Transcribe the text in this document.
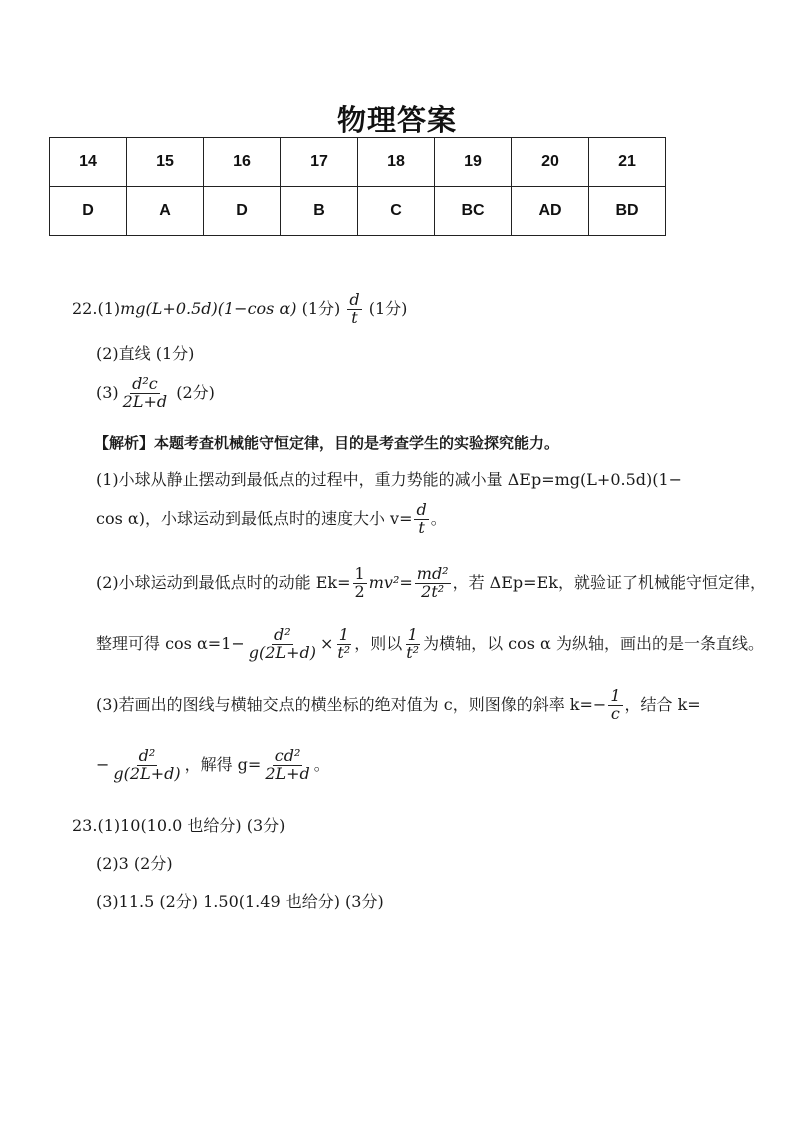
物理答案
14	15	16	17	18	19	20	21
D	A	D	B	C	BC	AD	BD
22.(1)mg(L+0.5d)(1−cos α) (1分) $\frac{d}{t} (1$分)
(2)直线 (1分)
$(3) \frac{\text{d²c}}{2L+d} (2$分)
【解析】本题考查机械能守恒定律，目的是考查学生的实验探究能力。
(1)小球从静止摆动到最低点的过程中，重力势能的减小量 ΔEp=mg(L+0.5d)(1−
cos α)，小球运动到最低点时的速度大小 $v= \frac{d}{t}$ 。
(2)小球运动到最低点时的动能 $Ek= \frac{1}{2} mv^2= \frac{\text{md²}}{\text{2t²}}$ ，若 ΔEp=Ek，就验证了机械能守恒定律，
整理可得 $\cos \alpha=1- \frac{\text{d²}}{g(2L+d)} \times \frac{1}{\text{t²}}$ ，则以 $\frac{1}{\text{t²}}$ 为横轴，以 cos α 为纵轴，画出的是一条直线。
(3)若画出的图线与横轴交点的横坐标的绝对值为 c，则图像的斜率 $k=- \frac{1}{c}$ ，结合 k=
− $\frac{\text{d²}}{g(2L+d)}$ ，解得 $g= \frac{\text{cd²}}{2L+d}$ 。
23.(1)10(10.0 也给分) (3分)
(2)3 (2分)
(3)11.5 (2分) 1.50(1.49 也给分) (3分)
